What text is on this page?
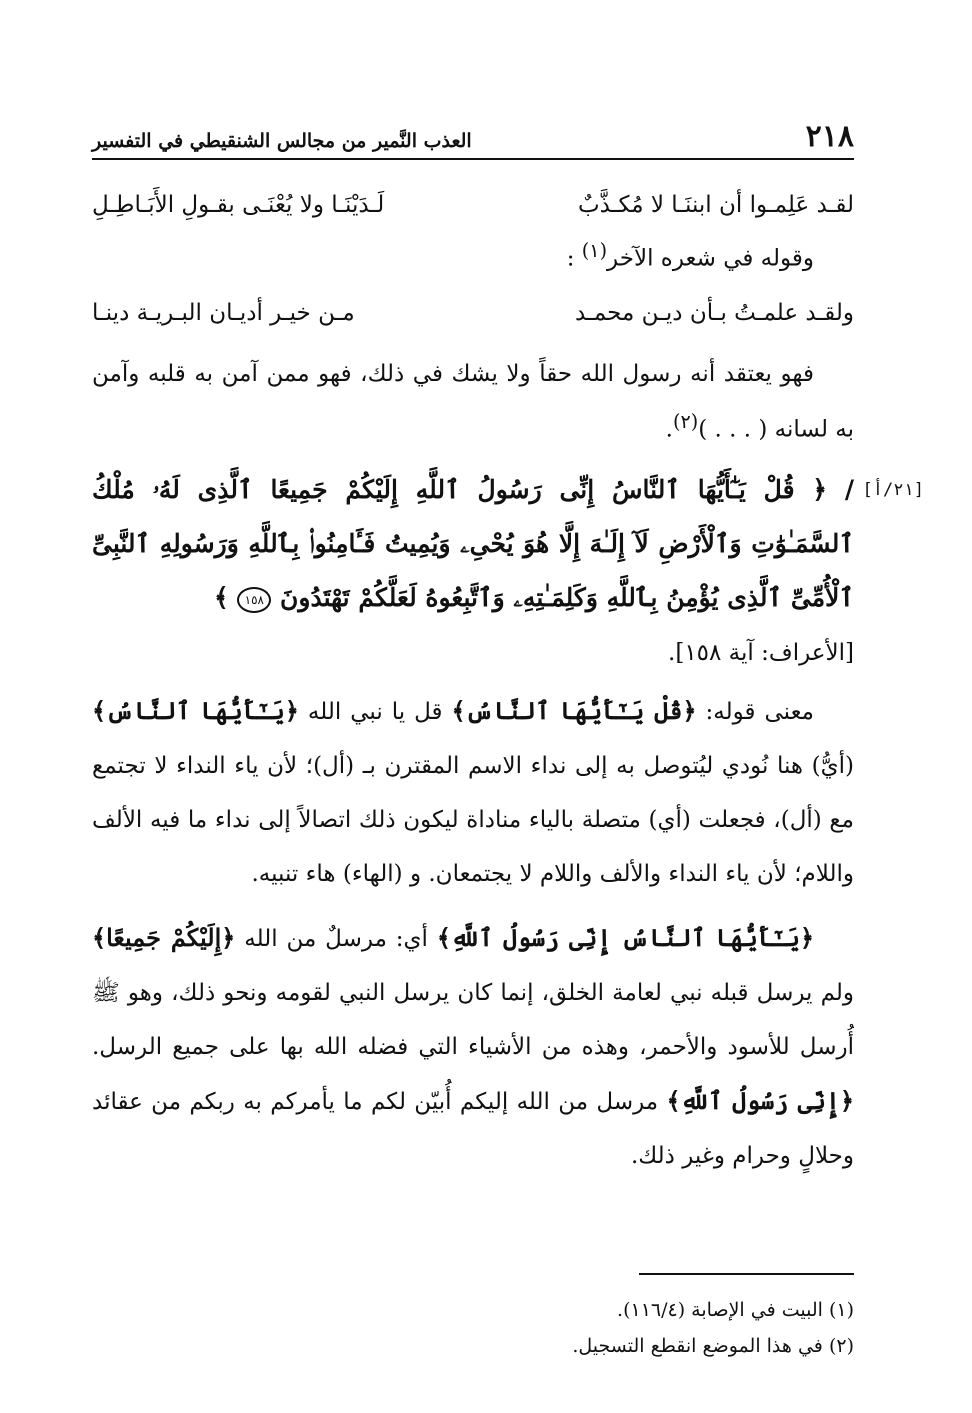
٢١٨
العذب النَّمير من مجالس الشنقيطي في التفسير
لقـد عَلِمـوا أن ابننَـا لا مُكـذَّبٌ
لَـدَيْنَـا ولا يُعْنَـى بقـولِ الأَبَـاطِـلِ
وقوله في شعره الآخر$^{(١)}$ :
ولقـد علمـتُ بـأن ديـن محمـد
مـن خيـر أديـان البـريـة دينـا

فهو يعتقد أنه رسول الله حقاً ولا يشك في ذلك، فهو ممن آمن به قلبه وآمن به لسانه ( . . . )$^{(٢)}$.

[٢١/أ]
/ ﴿ قُلْ يَـٰٓأَيُّهَا ٱلنَّاسُ إِنِّى رَسُولُ ٱللَّهِ إِلَيْكُمْ جَمِيعًا ٱلَّذِى لَهُۥ مُلْكُ ٱلسَّمَـٰوَٰتِ وَٱلْأَرْضِ لَآ إِلَـٰهَ إِلَّا هُوَ يُحْىِۦ وَيُمِيتُ فَـَٔامِنُوا۟ بِٱللَّهِ وَرَسُولِهِ ٱلنَّبِىِّ ٱلْأُمِّىِّ ٱلَّذِى يُؤْمِنُ بِٱللَّهِ وَكَلِمَـٰتِهِۦ وَٱتَّبِعُوهُ لَعَلَّكُمْ تَهْتَدُونَ ١٥٨ ﴾
[الأعراف: آية ١٥٨].

معنى قوله: ﴿قُلْ يَـٰٓأَيُّهَا ٱلنَّاسُ﴾ قل يا نبي الله ﴿يَـٰٓأَيُّهَا ٱلنَّاسُ﴾ (أيُّ) هنا نُودي ليُتوصل به إلى نداء الاسم المقترن بـ (أل)؛ لأن ياء النداء لا تجتمع مع (أل)، فجعلت (أي) متصلة بالياء مناداة ليكون ذلك اتصالاً إلى نداء ما فيه الألف واللام؛ لأن ياء النداء والألف واللام لا يجتمعان. و (الهاء) هاء تنبيه.

﴿يَـٰٓأَيُّهَا ٱلنَّاسُ إِنِّى رَسُولُ ٱللَّهِ﴾ أي: مرسلٌ من الله ﴿إِلَيْكُمْ جَمِيعًا﴾ ولم يرسل قبله نبي لعامة الخلق، إنما كان يرسل النبي لقومه ونحو ذلك، وهو ﷺ أُرسل للأسود والأحمر، وهذه من الأشياء التي فضله الله بها على جميع الرسل. ﴿إِنِّى رَسُولُ ٱللَّهِ﴾ مرسل من الله إليكم أُبيّن لكم ما يأمركم به ربكم من عقائد وحلالٍ وحرام وغير ذلك.

(١) البيت في الإصابة (١١٦/٤).
(٢) في هذا الموضع انقطع التسجيل.
